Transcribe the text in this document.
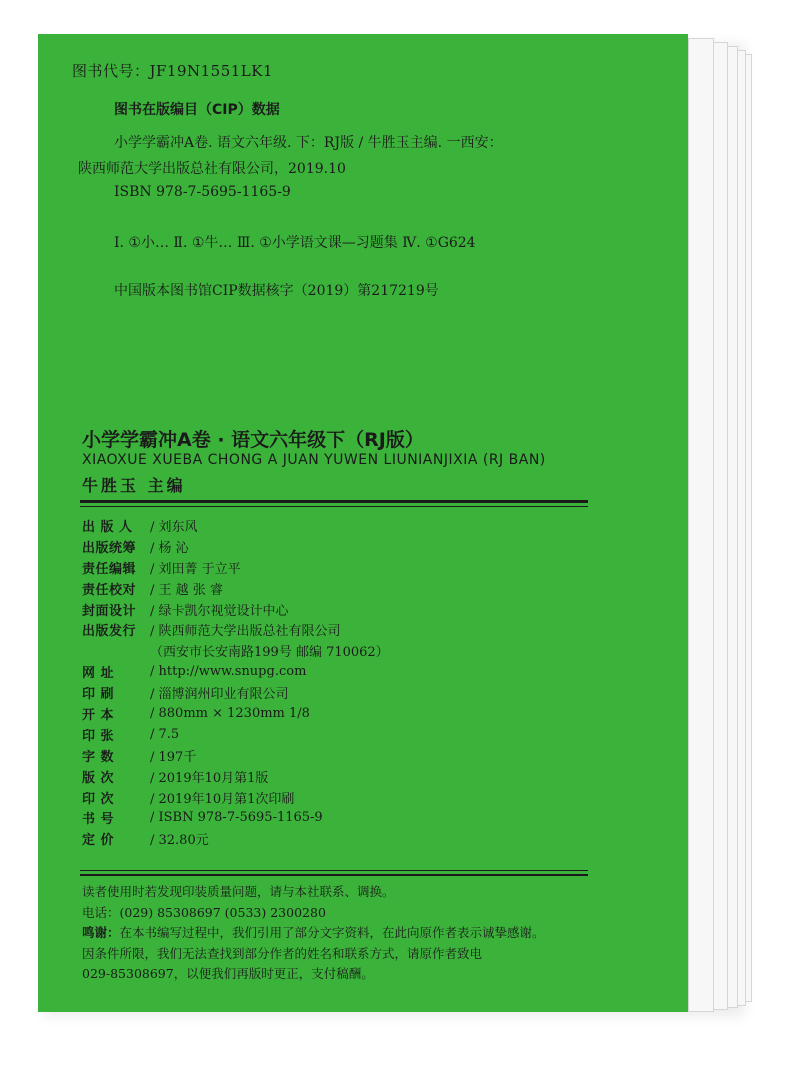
图书代号：JF19N1551LK1
图书在版编目（CIP）数据
小学学霸冲A卷. 语文六年级. 下：RJ版 / 牛胜玉主编. 一西安：
陕西师范大学出版总社有限公司，2019.10
ISBN 978-7-5695-1165-9
Ⅰ. ①小… Ⅱ. ①牛… Ⅲ. ①小学语文课—习题集 Ⅳ. ①G624
中国版本图书馆CIP数据核字（2019）第217219号
小学学霸冲A卷 · 语文六年级下（RJ版）
XIAOXUE XUEBA CHONG A JUAN YUWEN LIUNIANJIXIA (RJ BAN)
牛胜玉 主编
出 版 人	/ 刘东风
出版统筹	/ 杨 沁
责任编辑	/ 刘田菁 于立平
责任校对	/ 王 越 张 睿
封面设计	/ 绿卡凯尔视觉设计中心
出版发行	/ 陕西师范大学出版总社有限公司
（西安市长安南路199号 邮编 710062）
网 址	/ http://www.snupg.com
印 刷	/ 淄博润州印业有限公司
开 本	/ 880mm × 1230mm 1/8
印 张	/ 7.5
字 数	/ 197千
版 次	/ 2019年10月第1版
印 次	/ 2019年10月第1次印刷
书 号	/ ISBN 978-7-5695-1165-9
定 价	/ 32.80元
读者使用时若发现印装质量问题，请与本社联系、调换。
电话：(029) 85308697 (0533) 2300280
鸣谢：在本书编写过程中，我们引用了部分文字资料，在此向原作者表示诚挚感谢。
因条件所限，我们无法查找到部分作者的姓名和联系方式，请原作者致电
029-85308697，以便我们再版时更正，支付稿酬。
